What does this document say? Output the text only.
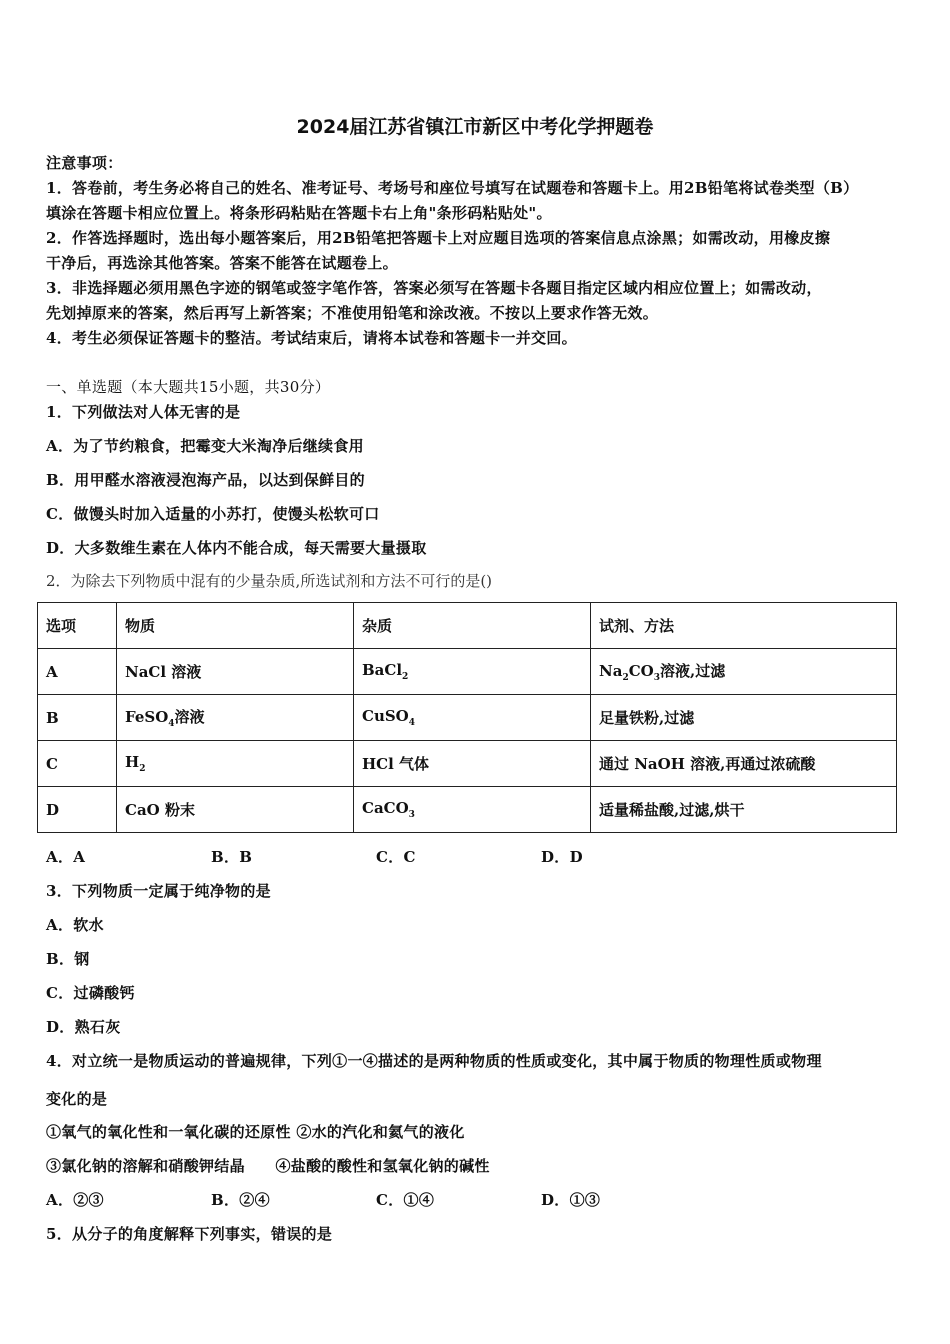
2024届江苏省镇江市新区中考化学押题卷
注意事项：
1．答卷前，考生务必将自己的姓名、准考证号、考场号和座位号填写在试题卷和答题卡上。用2B铅笔将试卷类型（B）
填涂在答题卡相应位置上。将条形码粘贴在答题卡右上角"条形码粘贴处"。
2．作答选择题时，选出每小题答案后，用2B铅笔把答题卡上对应题目选项的答案信息点涂黑；如需改动，用橡皮擦
干净后，再选涂其他答案。答案不能答在试题卷上。
3．非选择题必须用黑色字迹的钢笔或签字笔作答，答案必须写在答题卡各题目指定区域内相应位置上；如需改动，
先划掉原来的答案，然后再写上新答案；不准使用铅笔和涂改液。不按以上要求作答无效。
4．考生必须保证答题卡的整洁。考试结束后，请将本试卷和答题卡一并交回。
一、单选题（本大题共15小题，共30分）
1．下列做法对人体无害的是
A．为了节约粮食，把霉变大米淘净后继续食用
B．用甲醛水溶液浸泡海产品，以达到保鲜目的
C．做馒头时加入适量的小苏打，使馒头松软可口
D．大多数维生素在人体内不能合成，每天需要大量摄取
2．为除去下列物质中混有的少量杂质,所选试剂和方法不可行的是()
选项	物质	杂质	试剂、方法
A	NaCl 溶液	BaCl$_2$	$Na_2CO_3$溶液,过滤
B	FeSO$_4$溶液	CuSO$_4$	足量铁粉,过滤
C	$H_2$	HCl 气体	通过 NaOH 溶液,再通过浓硫酸
D	CaO 粉末	CaCO$_3$	适量稀盐酸,过滤,烘干
A．A	B．B	C．C	D．D
3．下列物质一定属于纯净物的是
A．软水
B．钢
C．过磷酸钙
D．熟石灰
4．对立统一是物质运动的普遍规律，下列①一④描述的是两种物质的性质或变化，其中属于物质的物理性质或物理
变化的是
①氧气的氧化性和一氧化碳的还原性 ②水的汽化和氦气的液化
③氯化钠的溶解和硝酸钾结晶　　④盐酸的酸性和氢氧化钠的碱性
A．②③	B．②④	C．①④	D．①③
5．从分子的角度解释下列事实，错误的是
